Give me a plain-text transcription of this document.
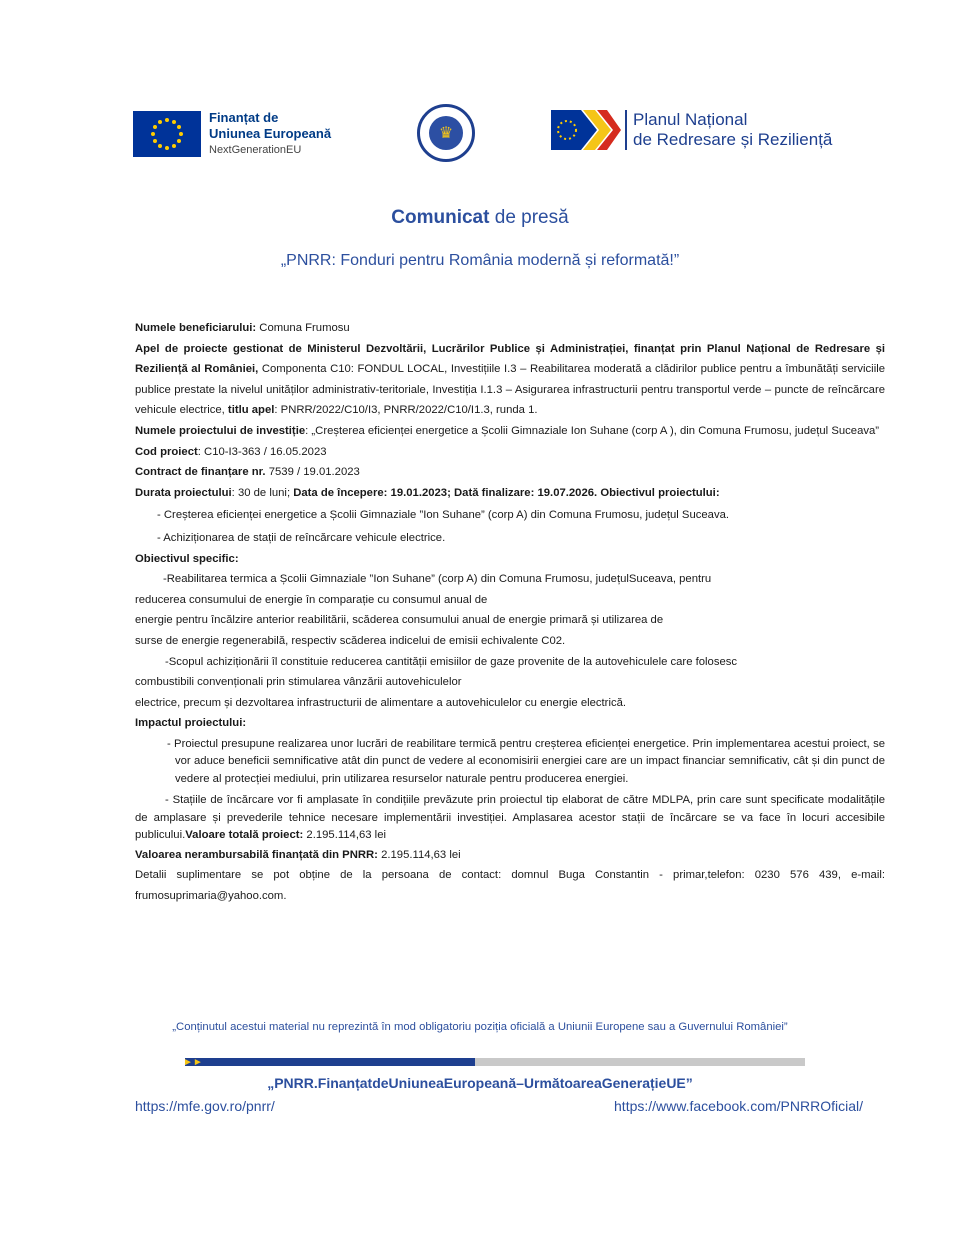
Finanțat de
Uniunea Europeană
NextGenerationEU
♛
Planul Național
de Redresare și Reziliență
Comunicat de presă
„PNRR: Fonduri pentru România modernă și reformată!”

Numele beneficiarului: Comuna Frumosu

Apel de proiecte gestionat de Ministerul Dezvoltării, Lucrărilor Publice și Administrației, finanțat prin Planul Național de Redresare și Reziliență al României, Componenta C10: FONDUL LOCAL, Investițiile I.3 – Reabilitarea moderată a clădirilor publice pentru a îmbunătăți serviciile publice prestate la nivelul unităților administrativ-teritoriale, Investiția I.1.3 – Asigurarea infrastructurii pentru transportul verde – puncte de reîncărcare vehicule electrice, titlu apel: PNRR/2022/C10/I3, PNRR/2022/C10/I1.3, runda 1.

Numele proiectului de investiție: „Creșterea eficienței energetice a Școlii Gimnaziale Ion Suhane (corp A ), din Comuna Frumosu, județul Suceava”

Cod proiect: C10-I3-363 / 16.05.2023

Contract de finanțare nr. 7539 / 19.01.2023

Durata proiectului: 30 de luni; Data de începere: 19.01.2023; Dată finalizare: 19.07.2026. Obiectivul proiectului:

- Creșterea eficienței energetice a Școlii Gimnaziale ”Ion Suhane” (corp A) din Comuna Frumosu, județul Suceava.

- Achiziționarea de stații de reîncărcare vehicule electrice.

Obiectivul specific:

-Reabilitarea termica a Școlii Gimnaziale ”Ion Suhane” (corp A) din Comuna Frumosu, județulSuceava, pentru

reducerea consumului de energie în comparație cu consumul anual de

energie pentru încălzire anterior reabilitării, scăderea consumului anual de energie primară și utilizarea de

surse de energie regenerabilă, respectiv scăderea indicelui de emisii echivalente C02.

-Scopul achiziționării îl constituie reducerea cantității emisiilor de gaze provenite de la autovehiculele care folosesc

combustibili convenționali prin stimularea vânzării autovehiculelor

electrice, precum și dezvoltarea infrastructurii de alimentare a autovehiculelor cu energie electrică.

Impactul proiectului:

- Proiectul presupune realizarea unor lucrări de reabilitare termică pentru creșterea eficienței energetice. Prin implementarea acestui proiect, se vor aduce beneficii semnificative atât din punct de vedere al economisirii energiei care are un impact financiar semnificativ, cât și din punct de vedere al protecției mediului, prin utilizarea resurselor naturale pentru producerea energiei.

- Stațiile de încărcare vor fi amplasate în condițiile prevăzute prin proiectul tip elaborat de către MDLPA, prin care sunt specificate modalitățile de amplasare și prevederile tehnice necesare implementării investiției. Amplasarea acestor stații de încărcare se va face în locuri accesibile publicului.Valoare totală proiect: 2.195.114,63 lei

Valoarea nerambursabilă finanțată din PNRR: 2.195.114,63 lei

Detalii suplimentare se pot obține de la persoana de contact: domnul Buga Constantin - primar,telefon: 0230 576 439, e-mail: frumosuprimaria@yahoo.com.

„Conținutul acestui material nu reprezintă în mod obligatoriu poziția oficială a Uniunii Europene sau a Guvernului României”
►►
„PNRR.FinanțatdeUniuneaEuropeană–UrmătoareaGenerațieUE”
https://mfe.gov.ro/pnrr/	https://www.facebook.com/PNRROficial/
